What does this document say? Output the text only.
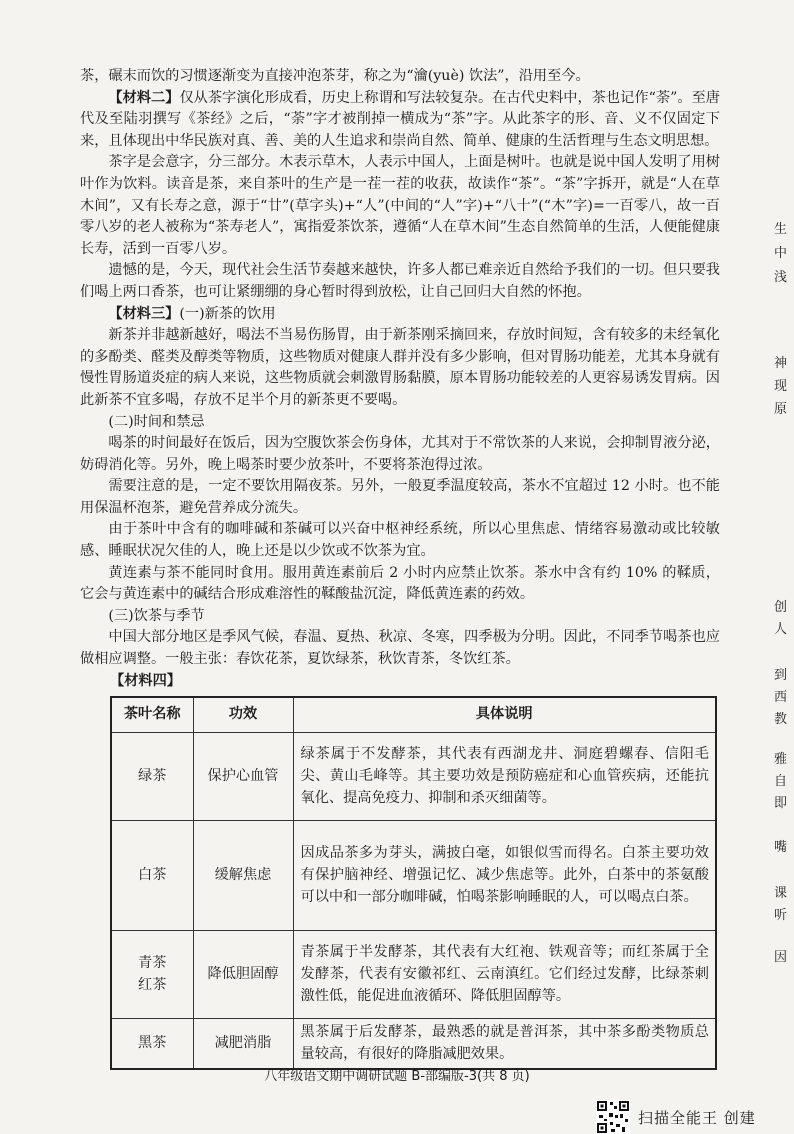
茶，碾末而饮的习惯逐渐变为直接冲泡茶芽，称之为“瀹(yuè) 饮法”，沿用至今。

【材料二】仅从茶字演化形成看，历史上称谓和写法较复杂。在古代史料中，茶也记作“荼”。至唐代及至陆羽撰写《茶经》之后，“荼”字才被削掉一横成为“茶”字。从此茶字的形、音、义不仅固定下来，且体现出中华民族对真、善、美的人生追求和崇尚自然、简单、健康的生活哲理与生态文明思想。

茶字是会意字，分三部分。木表示草木，人表示中国人，上面是树叶。也就是说中国人发明了用树叶作为饮料。读音是茶，来自茶叶的生产是一茬一茬的收获，故读作“茶”。“茶”字拆开，就是“人在草木间”，又有长寿之意，源于“廿”(草字头)+“人”(中间的“人”字)+“八十”(“木”字)=一百零八，故一百零八岁的老人被称为“茶寿老人”，寓指爱茶饮茶，遵循“人在草木间”生态自然简单的生活，人便能健康长寿，活到一百零八岁。

遗憾的是，今天，现代社会生活节奏越来越快，许多人都已难亲近自然给予我们的一切。但只要我们喝上两口香茶，也可让紧绷绷的身心暂时得到放松，让自己回归大自然的怀抱。

【材料三】(一)新茶的饮用

新茶并非越新越好，喝法不当易伤肠胃，由于新茶刚采摘回来，存放时间短，含有较多的未经氧化的多酚类、醛类及醇类等物质，这些物质对健康人群并没有多少影响，但对胃肠功能差，尤其本身就有慢性胃肠道炎症的病人来说，这些物质就会刺激胃肠黏膜，原本胃肠功能较差的人更容易诱发胃病。因此新茶不宜多喝，存放不足半个月的新茶更不要喝。

(二)时间和禁忌

喝茶的时间最好在饭后，因为空腹饮茶会伤身体，尤其对于不常饮茶的人来说，会抑制胃液分泌，妨碍消化等。另外，晚上喝茶时要少放茶叶，不要将茶泡得过浓。

需要注意的是，一定不要饮用隔夜茶。另外，一般夏季温度较高，茶水不宜超过 12 小时。也不能用保温杯泡茶，避免营养成分流失。

由于茶叶中含有的咖啡碱和茶碱可以兴奋中枢神经系统，所以心里焦虑、情绪容易激动或比较敏感、睡眠状况欠佳的人，晚上还是以少饮或不饮茶为宜。

黄连素与茶不能同时食用。服用黄连素前后 2 小时内应禁止饮茶。茶水中含有约 10% 的鞣质，它会与黄连素中的碱结合形成难溶性的鞣酸盐沉淀，降低黄连素的药效。

(三)饮茶与季节

中国大部分地区是季风气候，春温、夏热、秋凉、冬寒，四季极为分明。因此，不同季节喝茶也应做相应调整。一般主张：春饮花茶，夏饮绿茶，秋饮青茶，冬饮红茶。

【材料四】

茶叶名称	功效	具体说明
绿茶	保护心血管	绿茶属于不发酵茶，其代表有西湖龙井、洞庭碧螺春、信阳毛尖、黄山毛峰等。其主要功效是预防癌症和心血管疾病，还能抗氧化、提高免疫力、抑制和杀灭细菌等。
白茶	缓解焦虑	因成品茶多为芽头，满披白毫，如银似雪而得名。白茶主要功效有保护脑神经、增强记忆、减少焦虑等。此外，白茶中的茶氨酸可以中和一部分咖啡碱，怕喝茶影响睡眠的人，可以喝点白茶。
青茶
红茶	降低胆固醇	青茶属于半发酵茶，其代表有大红袍、铁观音等；而红茶属于全发酵茶，代表有安徽祁红、云南滇红。它们经过发酵，比绿茶刺激性低，能促进血液循环、降低胆固醇等。
黑茶	减肥消脂	黑茶属于后发酵茶，最熟悉的就是普洱茶，其中茶多酚类物质总量较高，有很好的降脂减肥效果。
八年级语文期中调研试题 B-部编版-3(共 8 页)
生
中
浅
神
现
原
创
人
到
西
教
雅
自
即
嘴
课
听
因
扫描全能王 创建
